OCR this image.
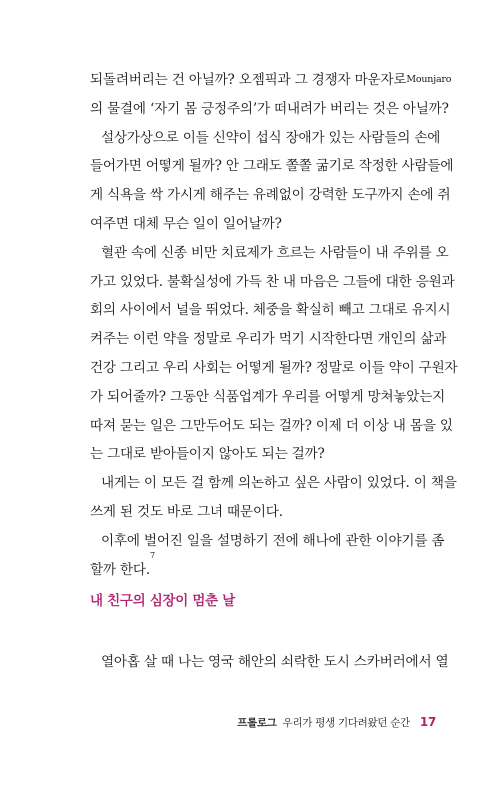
되돌려버리는 건 아닐까? 오젬픽과 그 경쟁자 마운자로 Mounjaro
의 물결에 ‘자기 몸 긍정주의’가 떠내려가 버리는 것은 아닐까?
설상가상으로 이들 신약이 섭식 장애가 있는 사람들의 손에
들어가면 어떻게 될까? 안 그래도 쫄쫄 굶기로 작정한 사람들에
게 식욕을 싹 가시게 해주는 유례없이 강력한 도구까지 손에 쥐
여주면 대체 무슨 일이 일어날까?
혈관 속에 신종 비만 치료제가 흐르는 사람들이 내 주위를 오
가고 있었다. 불확실성에 가득 찬 내 마음은 그들에 대한 응원과
회의 사이에서 널을 뛰었다. 체중을 확실히 빼고 그대로 유지시
켜주는 이런 약을 정말로 우리가 먹기 시작한다면 개인의 삶과
건강 그리고 우리 사회는 어떻게 될까? 정말로 이들 약이 구원자
가 되어줄까? 그동안 식품업계가 우리를 어떻게 망쳐놓았는지
따져 묻는 일은 그만두어도 되는 걸까? 이제 더 이상 내 몸을 있
는 그대로 받아들이지 않아도 되는 걸까?
내게는 이 모든 걸 함께 의논하고 싶은 사람이 있었다. 이 책을
쓰게 된 것도 바로 그녀 때문이다.
이후에 벌어진 일을 설명하기 전에 해나에 관한 이야기를 좀
할까 한다.
7
내 친구의 심장이 멈춘 날
열아홉 살 때 나는 영국 해안의 쇠락한 도시 스카버러에서 열
프롤로그 우리가 평생 기다려왔던 순간 17
